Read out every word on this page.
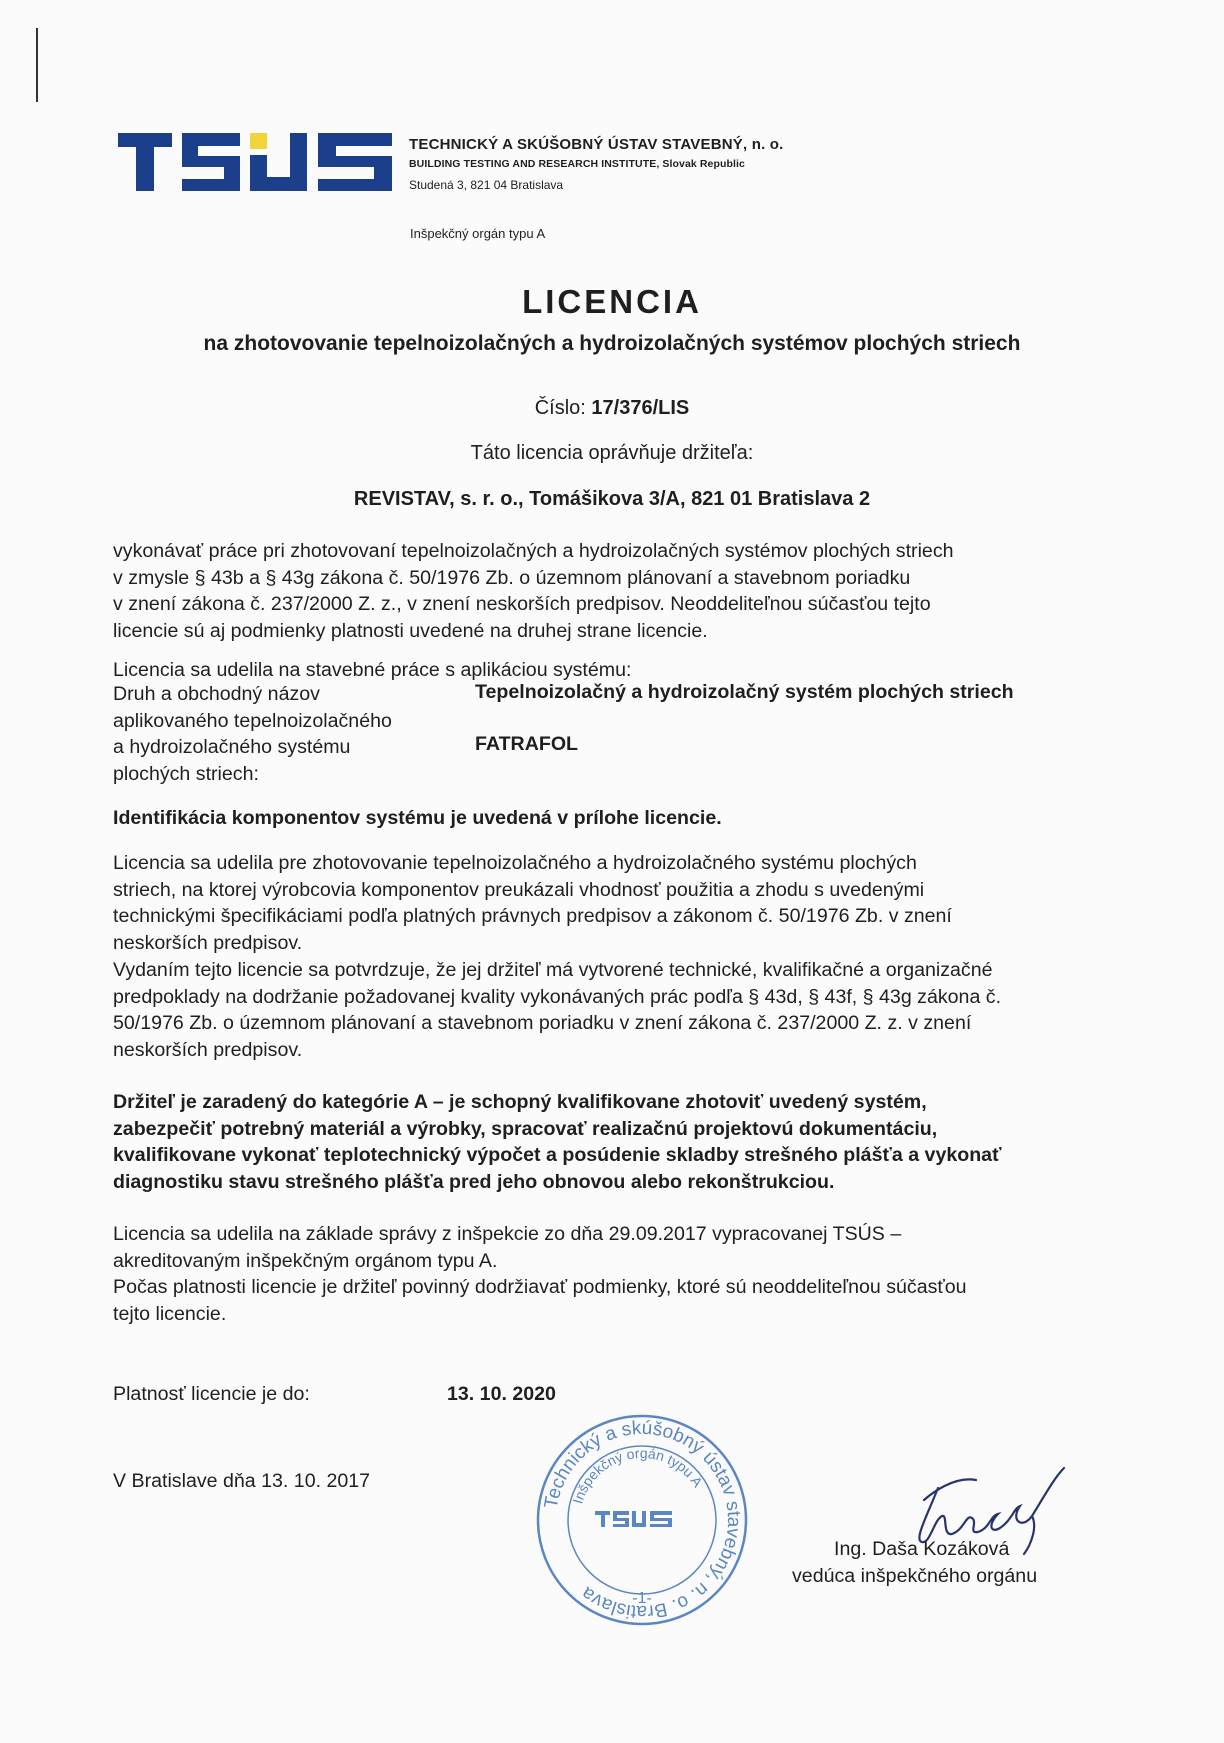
TECHNICKÝ A SKÚŠOBNÝ ÚSTAV STAVEBNÝ, n. o.
BUILDING TESTING AND RESEARCH INSTITUTE, Slovak Republic
Studená 3, 821 04 Bratislava
Inšpekčný orgán typu A
LICENCIA
na zhotovovanie tepelnoizolačných a hydroizolačných systémov plochých striech
Číslo: 17/376/LIS
Táto licencia oprávňuje držiteľa:
REVISTAV, s. r. o., Tomášikova 3/A, 821 01 Bratislava 2
vykonávať práce pri zhotovovaní tepelnoizolačných a hydroizolačných systémov plochých striech
v zmysle § 43b a § 43g zákona č. 50/1976 Zb. o územnom plánovaní a stavebnom poriadku
v znení zákona č. 237/2000 Z. z., v znení neskorších predpisov. Neoddeliteľnou súčasťou tejto
licencie sú aj podmienky platnosti uvedené na druhej strane licencie.
Licencia sa udelila na stavebné práce s aplikáciou systému:
Druh a obchodný názov
aplikovaného tepelnoizolačného
a hydroizolačného systému
plochých striech:
Tepelnoizolačný a hydroizolačný systém plochých striech
FATRAFOL
Identifikácia komponentov systému je uvedená v prílohe licencie.
Licencia sa udelila pre zhotovovanie tepelnoizolačného a hydroizolačného systému plochých
striech, na ktorej výrobcovia komponentov preukázali vhodnosť použitia a zhodu s uvedenými
technickými špecifikáciami podľa platných právnych predpisov a zákonom č. 50/1976 Zb. v znení
neskorších predpisov.
Vydaním tejto licencie sa potvrdzuje, že jej držiteľ má vytvorené technické, kvalifikačné a organizačné
predpoklady na dodržanie požadovanej kvality vykonávaných prác podľa § 43d, § 43f, § 43g zákona č.
50/1976 Zb. o územnom plánovaní a stavebnom poriadku v znení zákona č. 237/2000 Z. z. v znení
neskorších predpisov.
Držiteľ je zaradený do kategórie A – je schopný kvalifikovane zhotoviť uvedený systém,
zabezpečiť potrebný materiál a výrobky, spracovať realizačnú projektovú dokumentáciu,
kvalifikovane vykonať teplotechnický výpočet a posúdenie skladby strešného plášťa a vykonať
diagnostiku stavu strešného plášťa pred jeho obnovou alebo rekonštrukciou.
Licencia sa udelila na základe správy z inšpekcie zo dňa 29.09.2017 vypracovanej TSÚS –
akreditovaným inšpekčným orgánom typu A.
Počas platnosti licencie je držiteľ povinný dodržiavať podmienky, ktoré sú neoddeliteľnou súčasťou
tejto licencie.
Platnosť licencie je do:	13. 10. 2020
V Bratislave dňa 13. 10. 2017
Technický a skúšobný ústav stavebný, n. o. Bratislava
Inšpekčný orgán typu A
-1-
Ing. Daša Kozáková
vedúca inšpekčného orgánu
